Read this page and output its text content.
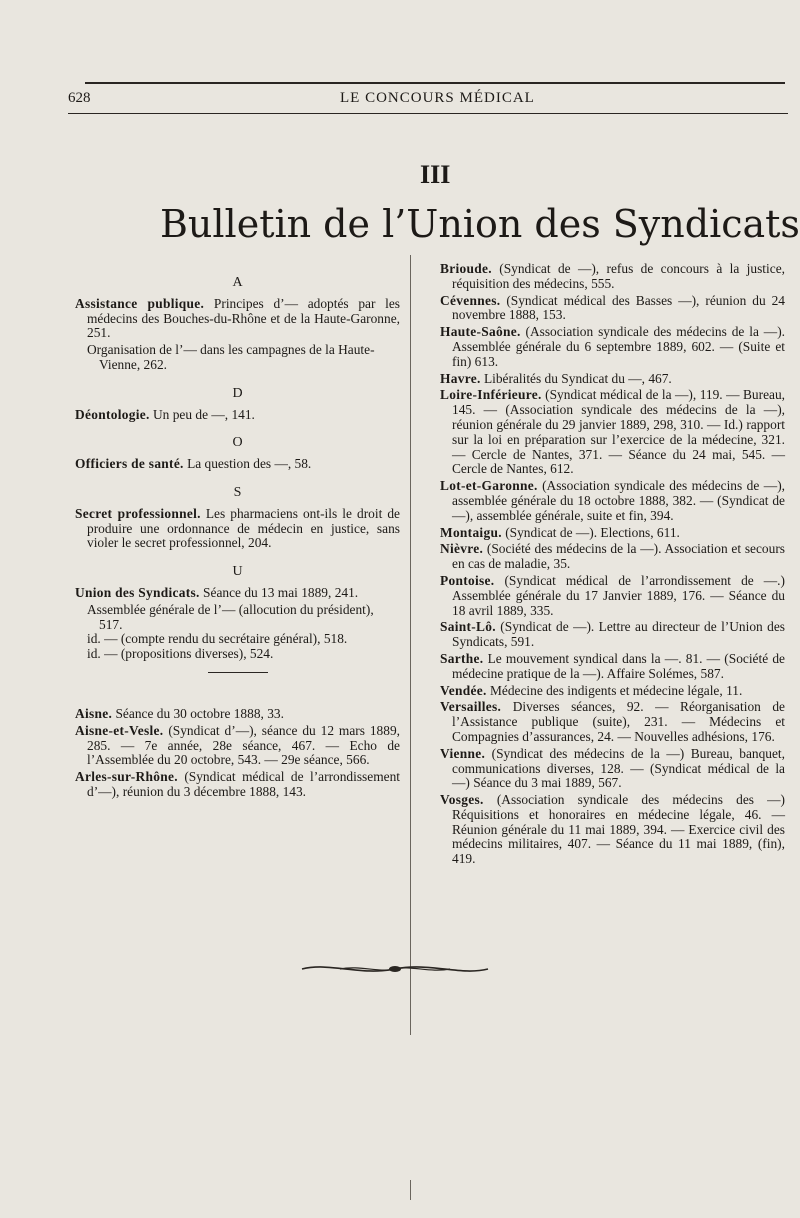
628	LE CONCOURS MÉDICAL
III
Bulletin de l’Union des Syndicats
A

Assistance publique. Principes d’— adoptés par les médecins des Bouches-du-Rhône et de la Haute-Garonne, 251.

Organisation de l’— dans les campagnes de la Haute-Vienne, 262.

D

Déontologie. Un peu de —, 141.

O

Officiers de santé. La question des —, 58.

S

Secret professionnel. Les pharmaciens ont-ils le droit de produire une ordonnance de médecin en justice, sans violer le secret professionnel, 204.

U

Union des Syndicats. Séance du 13 mai 1889, 241.

Assemblée générale de l’— (allocution du président), 517.

id. — (compte rendu du secrétaire général), 518.

id. — (propositions diverses), 524.

Aisne. Séance du 30 octobre 1888, 33.

Aisne-et-Vesle. (Syndicat d’—), séance du 12 mars 1889, 285. — 7e année, 28e séance, 467. — Echo de l’Assemblée du 20 octobre, 543. — 29e séance, 566.

Arles-sur-Rhône. (Syndicat médical de l’arrondissement d’—), réunion du 3 décembre 1888, 143.

Brioude. (Syndicat de —), refus de concours à la justice, réquisition des médecins, 555.

Cévennes. (Syndicat médical des Basses —), réunion du 24 novembre 1888, 153.

Haute-Saône. (Association syndicale des médecins de la —). Assemblée générale du 6 septembre 1889, 602. — (Suite et fin) 613.

Havre. Libéralités du Syndicat du —, 467.

Loire-Inférieure. (Syndicat médical de la —), 119. — Bureau, 145. — (Association syndicale des médecins de la —), réunion générale du 29 janvier 1889, 298, 310. — Id.) rapport sur la loi en préparation sur l’exercice de la médecine, 321. — Cercle de Nantes, 371. — Séance du 24 mai, 545. — Cercle de Nantes, 612.

Lot-et-Garonne. (Association syndicale des médecins de —), assemblée générale du 18 octobre 1888, 382. — (Syndicat de —), assemblée générale, suite et fin, 394.

Montaigu. (Syndicat de —). Elections, 611.

Nièvre. (Société des médecins de la —). Association et secours en cas de maladie, 35.

Pontoise. (Syndicat médical de l’arrondissement de —.) Assemblée générale du 17 Janvier 1889, 176. — Séance du 18 avril 1889, 335.

Saint-Lô. (Syndicat de —). Lettre au directeur de l’Union des Syndicats, 591.

Sarthe. Le mouvement syndical dans la —. 81. — (Société de médecine pratique de la —). Affaire Solémes, 587.

Vendée. Médecine des indigents et médecine légale, 11.

Versailles. Diverses séances, 92. — Réorganisation de l’Assistance publique (suite), 231. — Médecins et Compagnies d’assurances, 24. — Nouvelles adhésions, 176.

Vienne. (Syndicat des médecins de la —) Bureau, banquet, communications diverses, 128. — (Syndicat médical de la —) Séance du 3 mai 1889, 567.

Vosges. (Association syndicale des médecins des —) Réquisitions et honoraires en médecine légale, 46. — Réunion générale du 11 mai 1889, 394. — Exercice civil des médecins militaires, 407. — Séance du 11 mai 1889, (fin), 419.
